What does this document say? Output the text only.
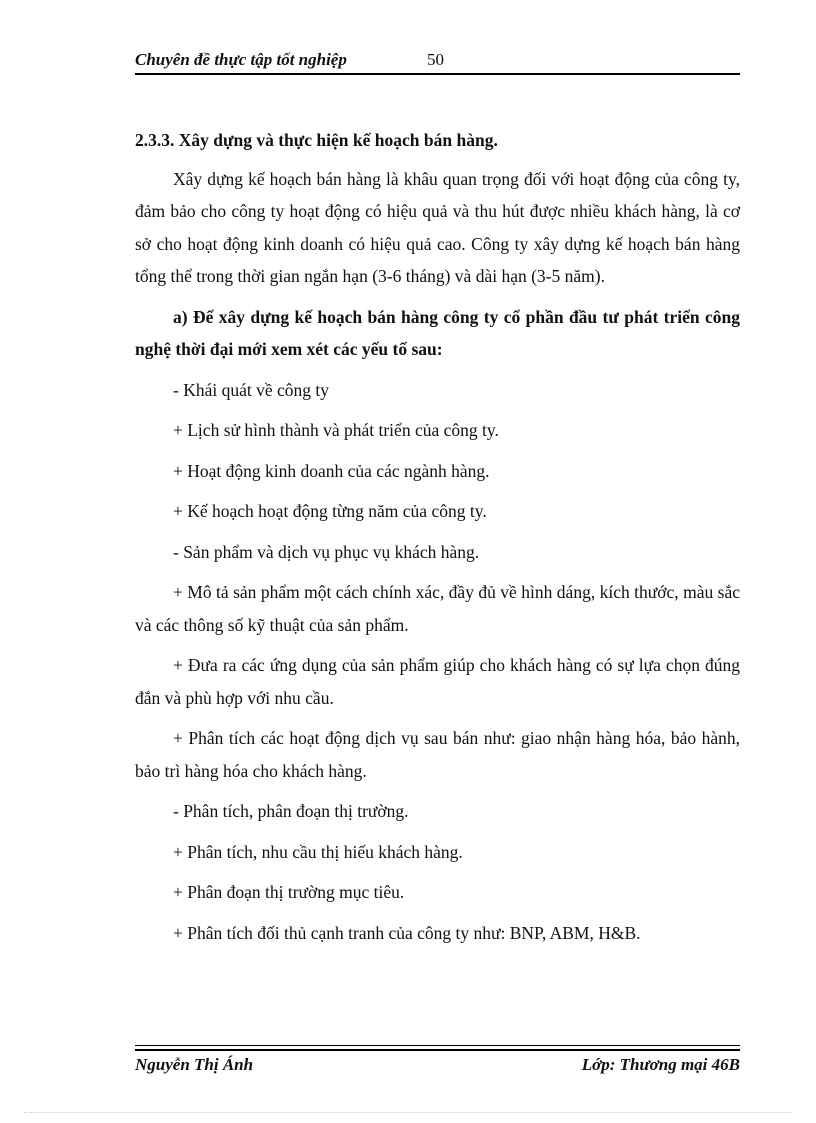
Chuyên đề thực tập tốt nghiệp	50

2.3.3. Xây dựng và thực hiện kế hoạch bán hàng.

Xây dựng kế hoạch bán hàng là khâu quan trọng đối với hoạt động của công ty, đảm bảo cho công ty hoạt động có hiệu quả và thu hút được nhiều khách hàng, là cơ sở cho hoạt động kinh doanh có hiệu quả cao. Công ty xây dựng kế hoạch bán hàng tổng thể trong thời gian ngắn hạn (3-6 tháng) và dài hạn (3-5 năm).

a) Để xây dựng kế hoạch bán hàng công ty cổ phần đầu tư phát triển công nghệ thời đại mới xem xét các yếu tố sau:

- Khái quát về công ty

+ Lịch sử hình thành và phát triển của công ty.

+ Hoạt động kinh doanh của các ngành hàng.

+ Kế hoạch hoạt động từng năm của công ty.

- Sản phẩm và dịch vụ phục vụ khách hàng.

+ Mô tả sản phẩm một cách chính xác, đầy đủ về hình dáng, kích thước, màu sắc và các thông số kỹ thuật của sản phẩm.

+ Đưa ra các ứng dụng của sản phẩm giúp cho khách hàng có sự lựa chọn đúng đắn và phù hợp với nhu cầu.

+ Phân tích các hoạt động dịch vụ sau bán như: giao nhận hàng hóa, bảo hành, bảo trì hàng hóa cho khách hàng.

- Phân tích, phân đoạn thị trường.

+ Phân tích, nhu cầu thị hiếu khách hàng.

+ Phân đoạn thị trường mục tiêu.

+ Phân tích đối thủ cạnh tranh của công ty như: BNP, ABM, H&B.

Nguyễn Thị Ánh	Lớp: Thương mại 46B
